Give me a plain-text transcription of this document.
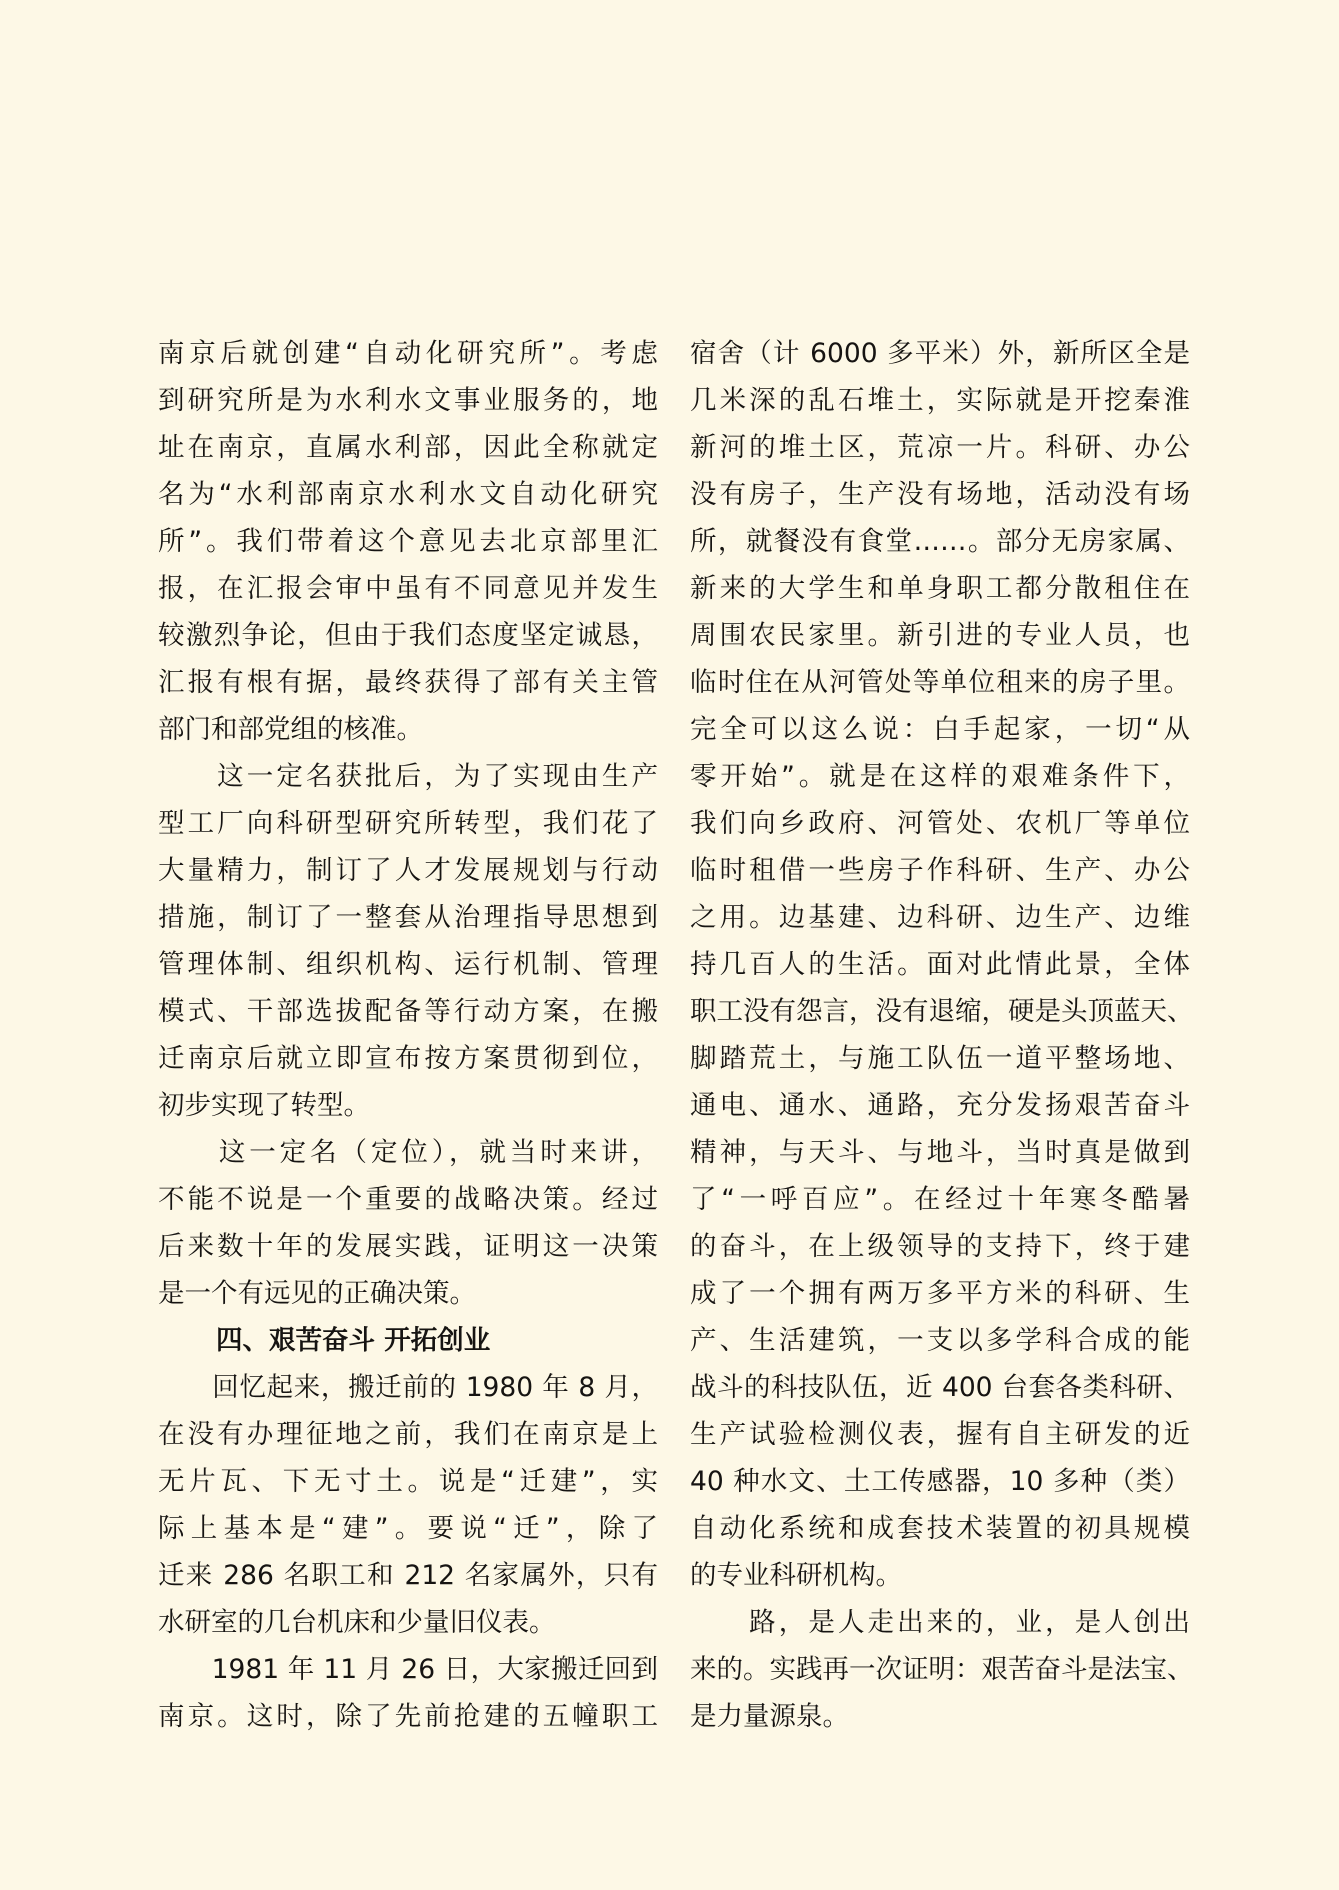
南京后就创建“自动化研究所”。考虑
到研究所是为水利水文事业服务的，地
址在南京，直属水利部，因此全称就定
名为“水利部南京水利水文自动化研究
所”。我们带着这个意见去北京部里汇
报，在汇报会审中虽有不同意见并发生
较激烈争论，但由于我们态度坚定诚恳，
汇报有根有据，最终获得了部有关主管
部门和部党组的核准。
　　这一定名获批后，为了实现由生产
型工厂向科研型研究所转型，我们花了
大量精力，制订了人才发展规划与行动
措施，制订了一整套从治理指导思想到
管理体制、组织机构、运行机制、管理
模式、干部选拔配备等行动方案，在搬
迁南京后就立即宣布按方案贯彻到位，
初步实现了转型。
　　这一定名（定位），就当时来讲，
不能不说是一个重要的战略决策。经过
后来数十年的发展实践，证明这一决策
是一个有远见的正确决策。
四、艰苦奋斗 开拓创业
　　回忆起来，搬迁前的 1980 年 8 月，
在没有办理征地之前，我们在南京是上
无片瓦、下无寸土。说是“迁建”，实
际上基本是“建”。要说“迁”，除了
迁来 286 名职工和 212 名家属外，只有
水研室的几台机床和少量旧仪表。
　　1981 年 11 月 26 日，大家搬迁回到
南京。这时，除了先前抢建的五幢职工
宿舍（计 6000 多平米）外，新所区全是
几米深的乱石堆土，实际就是开挖秦淮
新河的堆土区，荒凉一片。科研、办公
没有房子，生产没有场地，活动没有场
所，就餐没有食堂……。部分无房家属、
新来的大学生和单身职工都分散租住在
周围农民家里。新引进的专业人员，也
临时住在从河管处等单位租来的房子里。
完全可以这么说：白手起家，一切“从
零开始”。就是在这样的艰难条件下，
我们向乡政府、河管处、农机厂等单位
临时租借一些房子作科研、生产、办公
之用。边基建、边科研、边生产、边维
持几百人的生活。面对此情此景，全体
职工没有怨言，没有退缩，硬是头顶蓝天、
脚踏荒土，与施工队伍一道平整场地、
通电、通水、通路，充分发扬艰苦奋斗
精神，与天斗、与地斗，当时真是做到
了“一呼百应”。在经过十年寒冬酷暑
的奋斗，在上级领导的支持下，终于建
成了一个拥有两万多平方米的科研、生
产、生活建筑，一支以多学科合成的能
战斗的科技队伍，近 400 台套各类科研、
生产试验检测仪表，握有自主研发的近
40 种水文、土工传感器，10 多种（类）
自动化系统和成套技术装置的初具规模
的专业科研机构。
　　路，是人走出来的，业，是人创出
来的。实践再一次证明：艰苦奋斗是法宝、
是力量源泉。
